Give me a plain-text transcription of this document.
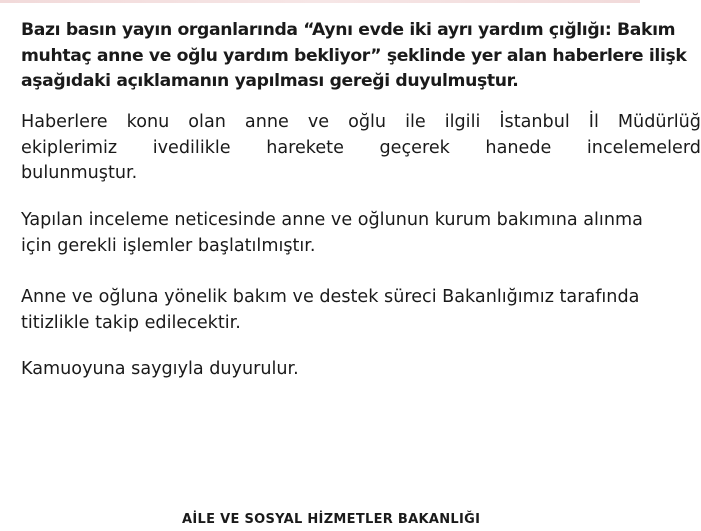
Bazı basın yayın organlarında “Aynı evde iki ayrı yardım çığlığı: Bakım
muhtaç anne ve oğlu yardım bekliyor” şeklinde yer alan haberlere ilişk
aşağıdaki açıklamanın yapılması gereği duyulmuştur.
Haberlere konu olan anne ve oğlu ile ilgili İstanbul İl Müdürlüğ
ekiplerimiz ivedilikle harekete geçerek hanede incelemelerd
bulunmuştur.
Yapılan inceleme neticesinde anne ve oğlunun kurum bakımına alınma
için gerekli işlemler başlatılmıştır.
Anne ve oğluna yönelik bakım ve destek süreci Bakanlığımız tarafında
titizlikle takip edilecektir.
Kamuoyuna saygıyla duyurulur.
AİLE VE SOSYAL HİZMETLER BAKANLIĞI
